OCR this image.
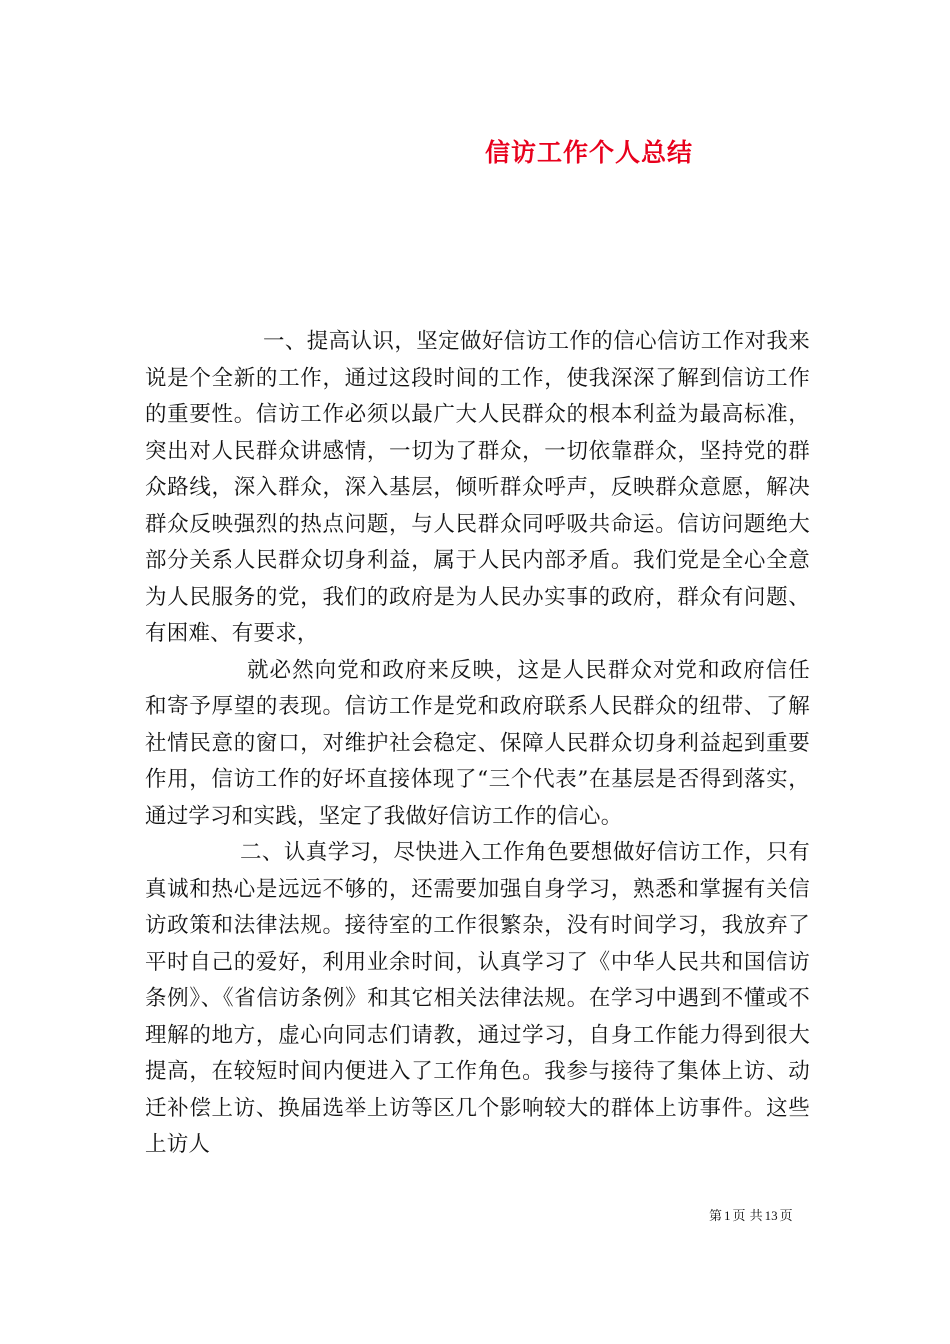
信访工作个人总结

一、提高认识，坚定做好信访工作的信心信访工作对我来说是个全新的工作，通过这段时间的工作，使我深深了解到信访工作的重要性。信访工作必须以最广大人民群众的根本利益为最高标准，突出对人民群众讲感情，一切为了群众，一切依靠群众，坚持党的群众路线，深入群众，深入基层，倾听群众呼声，反映群众意愿，解决群众反映强烈的热点问题，与人民群众同呼吸共命运。信访问题绝大部分关系人民群众切身利益，属于人民内部矛盾。我们党是全心全意为人民服务的党，我们的政府是为人民办实事的政府，群众有问题、有困难、有要求，

就必然向党和政府来反映，这是人民群众对党和政府信任和寄予厚望的表现。信访工作是党和政府联系人民群众的纽带、了解社情民意的窗口，对维护社会稳定、保障人民群众切身利益起到重要作用，信访工作的好坏直接体现了“三个代表”在基层是否得到落实，通过学习和实践，坚定了我做好信访工作的信心。

二、认真学习，尽快进入工作角色要想做好信访工作，只有真诚和热心是远远不够的，还需要加强自身学习，熟悉和掌握有关信访政策和法律法规。接待室的工作很繁杂，没有时间学习，我放弃了平时自己的爱好，利用业余时间，认真学习了《中华人民共和国信访条例》、《省信访条例》和其它相关法律法规。在学习中遇到不懂或不理解的地方，虚心向同志们请教，通过学习，自身工作能力得到很大提高，在较短时间内便进入了工作角色。我参与接待了集体上访、动迁补偿上访、换届选举上访等区几个影响较大的群体上访事件。这些上访人

第 1 页 共 13 页
